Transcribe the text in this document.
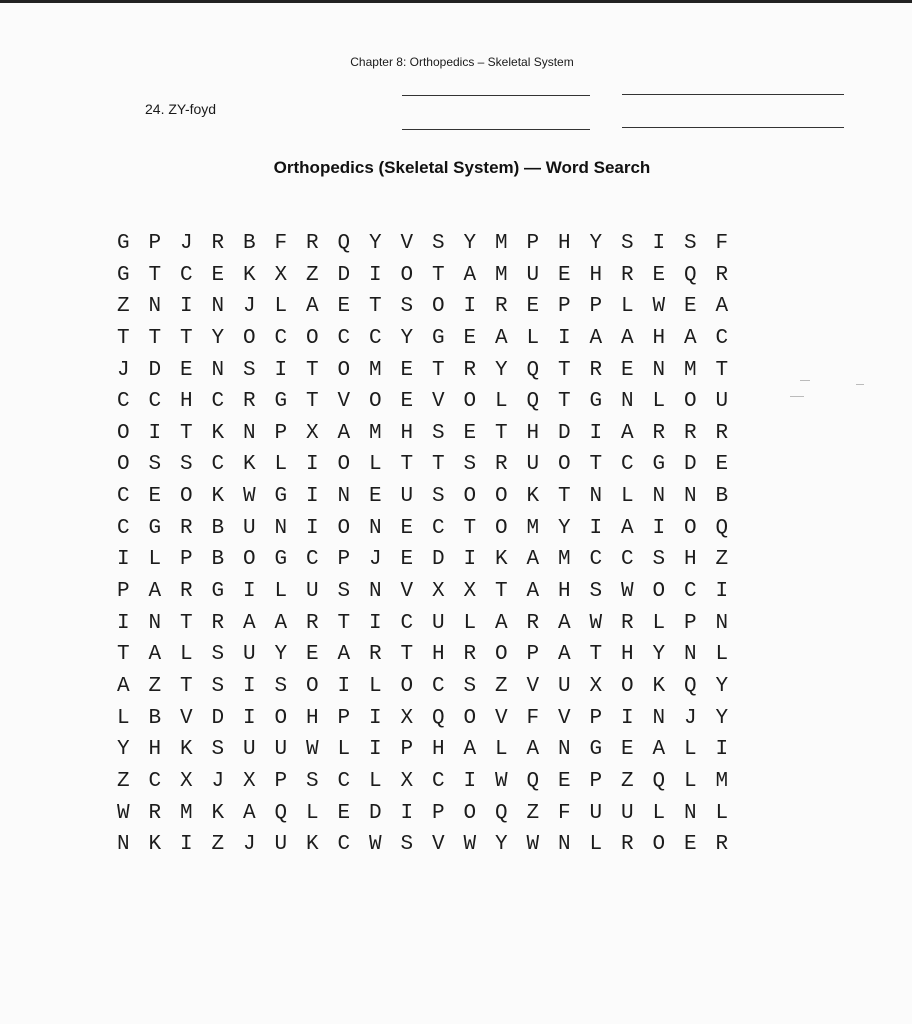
Chapter 8: Orthopedics – Skeletal System
24. ZY-foyd
Orthopedics (Skeletal System) — Word Search
G P J R B F R Q Y V S Y M P H Y S I S F
G T C E K X Z D I O T A M U E H R E Q R
Z N I N J L A E T S O I R E P P L W E A
T T T Y O C O C C Y G E A L I A A H A C
J D E N S I T O M E T R Y Q T R E N M T
C C H C R G T V O E V O L Q T G N L O U
O I T K N P X A M H S E T H D I A R R R
O S S C K L I O L T T S R U O T C G D E
C E O K W G I N E U S O O K T N L N N B
C G R B U N I O N E C T O M Y I A I O Q
I L P B O G C P J E D I K A M C C S H Z
P A R G I L U S N V X X T A H S W O C I
I N T R A A R T I C U L A R A W R L P N
T A L S U Y E A R T H R O P A T H Y N L
A Z T S I S O I L O C S Z V U X O K Q Y
L B V D I O H P I X Q O V F V P I N J Y
Y H K S U U W L I P H A L A N G E A L I
Z C X J X P S C L X C I W Q E P Z Q L M
W R M K A Q L E D I P O Q Z F U U L N L
N K I Z J U K C W S V W Y W N L R O E R
